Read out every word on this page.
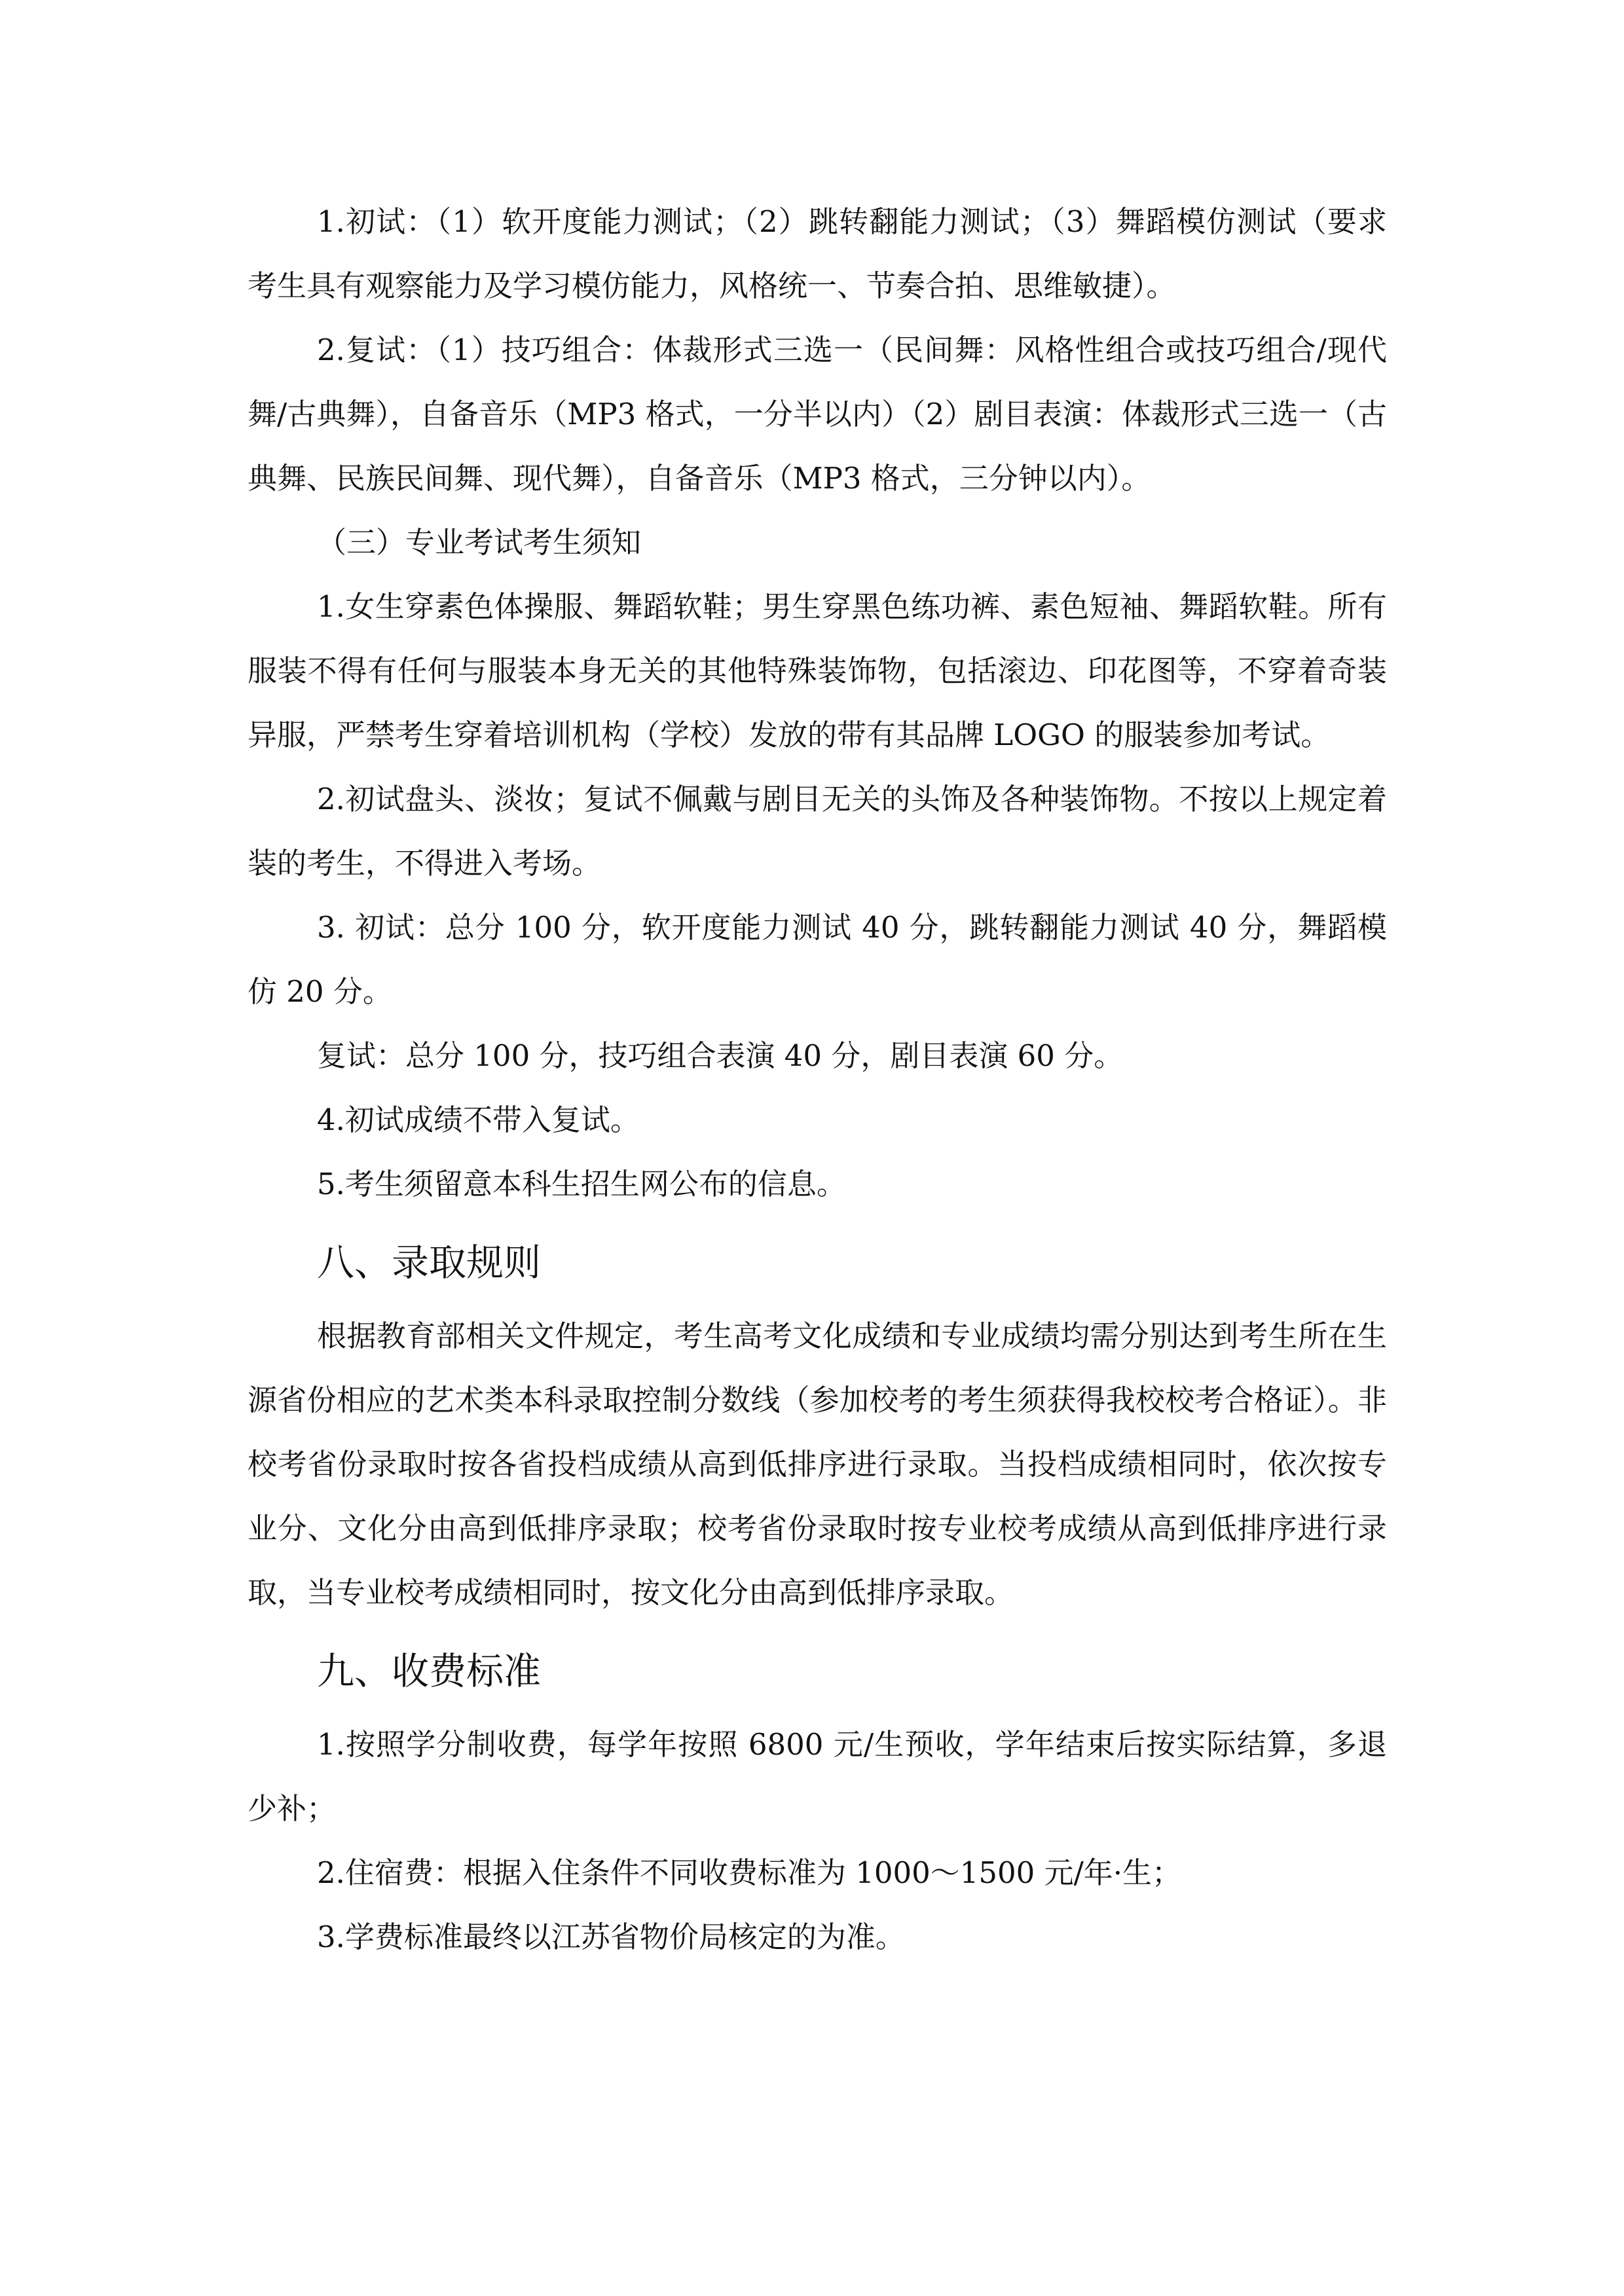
1.初试：（1）软开度能力测试；（2）跳转翻能力测试；（3）舞蹈模仿测试（要求考生具有观察能力及学习模仿能力，风格统一、节奏合拍、思维敏捷）。

2.复试：（1）技巧组合：体裁形式三选一（民间舞：风格性组合或技巧组合/现代舞/古典舞），自备音乐（MP3 格式，一分半以内）（2）剧目表演：体裁形式三选一（古典舞、民族民间舞、现代舞），自备音乐（MP3 格式，三分钟以内）。

（三）专业考试考生须知

1.女生穿素色体操服、舞蹈软鞋；男生穿黑色练功裤、素色短袖、舞蹈软鞋。所有服装不得有任何与服装本身无关的其他特殊装饰物，包括滚边、印花图等，不穿着奇装异服，严禁考生穿着培训机构（学校）发放的带有其品牌 LOGO 的服装参加考试。

2.初试盘头、淡妆；复试不佩戴与剧目无关的头饰及各种装饰物。不按以上规定着装的考生，不得进入考场。

3. 初试：总分 100 分，软开度能力测试 40 分，跳转翻能力测试 40 分，舞蹈模仿 20 分。

复试：总分 100 分，技巧组合表演 40 分，剧目表演 60 分。

4.初试成绩不带入复试。

5.考生须留意本科生招生网公布的信息。

八、录取规则

根据教育部相关文件规定，考生高考文化成绩和专业成绩均需分别达到考生所在生源省份相应的艺术类本科录取控制分数线（参加校考的考生须获得我校校考合格证）。非校考省份录取时按各省投档成绩从高到低排序进行录取。当投档成绩相同时，依次按专业分、文化分由高到低排序录取；校考省份录取时按专业校考成绩从高到低排序进行录取，当专业校考成绩相同时，按文化分由高到低排序录取。

九、收费标准

1.按照学分制收费，每学年按照 6800 元/生预收，学年结束后按实际结算，多退少补；

2.住宿费：根据入住条件不同收费标准为 1000～1500 元/年·生；

3.学费标准最终以江苏省物价局核定的为准。
